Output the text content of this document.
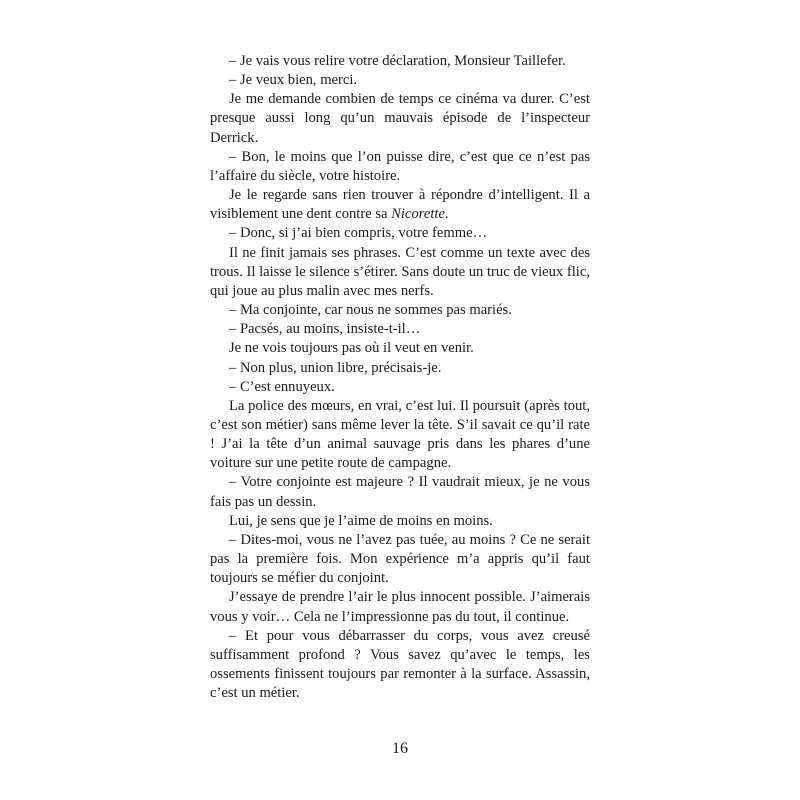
– Je vais vous relire votre déclaration, Monsieur Taillefer.

– Je veux bien, merci.

Je me demande combien de temps ce cinéma va durer. C’est presque aussi long qu’un mauvais épisode de l’inspecteur Derrick.

– Bon, le moins que l’on puisse dire, c’est que ce n’est pas l’affaire du siècle, votre histoire.

Je le regarde sans rien trouver à répondre d’intelligent. Il a visiblement une dent contre sa Nicorette.

– Donc, si j’ai bien compris, votre femme…

Il ne finit jamais ses phrases. C’est comme un texte avec des trous. Il laisse le silence s’étirer. Sans doute un truc de vieux flic, qui joue au plus malin avec mes nerfs.

– Ma conjointe, car nous ne sommes pas mariés.

– Pacsés, au moins, insiste-t-il…

Je ne vois toujours pas où il veut en venir.

– Non plus, union libre, précisais-je.

– C’est ennuyeux.

La police des mœurs, en vrai, c’est lui. Il poursuit (après tout, c’est son métier) sans même lever la tête. S’il savait ce qu’il rate ! J’ai la tête d’un animal sauvage pris dans les phares d’une voiture sur une petite route de campagne.

– Votre conjointe est majeure ? Il vaudrait mieux, je ne vous fais pas un dessin.

Lui, je sens que je l’aime de moins en moins.

– Dites-moi, vous ne l’avez pas tuée, au moins ? Ce ne serait pas la première fois. Mon expérience m’a appris qu’il faut toujours se méfier du conjoint.

J’essaye de prendre l’air le plus innocent possible. J’aimerais vous y voir… Cela ne l’impressionne pas du tout, il continue.

– Et pour vous débarrasser du corps, vous avez creusé suffisamment profond ? Vous savez qu’avec le temps, les ossements finissent toujours par remonter à la surface. Assassin, c’est un métier.

16
